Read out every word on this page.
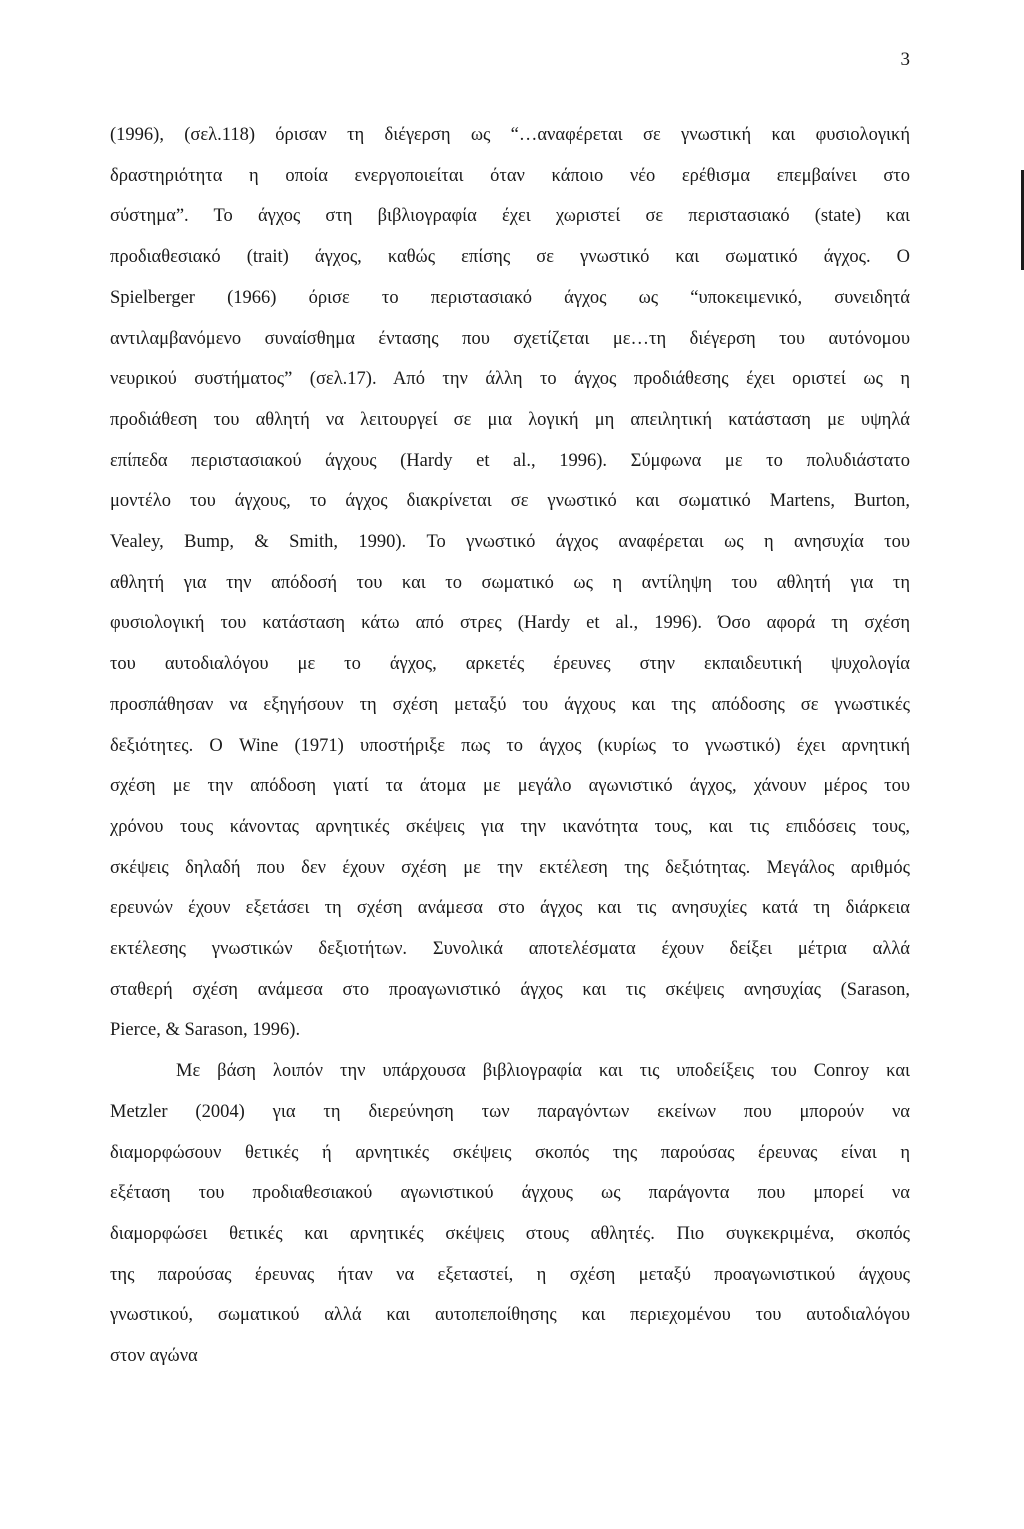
3

(1996), (σελ.118) όρισαν τη διέγερση ως “…αναφέρεται σε γνωστική και φυσιολογική
δραστηριότητα η οποία ενεργοποιείται όταν κάποιο νέο ερέθισμα επεμβαίνει στο
σύστημα”. Το άγχος στη βιβλιογραφία έχει χωριστεί σε περιστασιακό (state) και
προδιαθεσιακό (trait) άγχος, καθώς επίσης σε γνωστικό και σωματικό άγχος. Ο
Spielberger (1966) όρισε το περιστασιακό άγχος ως “υποκειμενικό, συνειδητά
αντιλαμβανόμενο συναίσθημα έντασης που σχετίζεται με…τη διέγερση του αυτόνομου
νευρικού συστήματος” (σελ.17). Από την άλλη το άγχος προδιάθεσης έχει οριστεί ως η
προδιάθεση του αθλητή να λειτουργεί σε μια λογική μη απειλητική κατάσταση με υψηλά
επίπεδα περιστασιακού άγχους (Hardy et al., 1996). Σύμφωνα με το πολυδιάστατο
μοντέλο του άγχους, το άγχος διακρίνεται σε γνωστικό και σωματικό Martens, Burton,
Vealey, Bump, & Smith, 1990). Το γνωστικό άγχος αναφέρεται ως η ανησυχία του
αθλητή για την απόδοσή του και το σωματικό ως η αντίληψη του αθλητή για τη
φυσιολογική του κατάσταση κάτω από στρες (Hardy et al., 1996). Όσο αφορά τη σχέση
του αυτοδιαλόγου με το άγχος, αρκετές έρευνες στην εκπαιδευτική ψυχολογία
προσπάθησαν να εξηγήσουν τη σχέση μεταξύ του άγχους και της απόδοσης σε γνωστικές
δεξιότητες. Ο Wine (1971) υποστήριξε πως το άγχος (κυρίως το γνωστικό) έχει αρνητική
σχέση με την απόδοση γιατί τα άτομα με μεγάλο αγωνιστικό άγχος, χάνουν μέρος του
χρόνου τους κάνοντας αρνητικές σκέψεις για την ικανότητα τους, και τις επιδόσεις τους,
σκέψεις δηλαδή που δεν έχουν σχέση με την εκτέλεση της δεξιότητας. Μεγάλος αριθμός
ερευνών έχουν εξετάσει τη σχέση ανάμεσα στο άγχος και τις ανησυχίες κατά τη διάρκεια
εκτέλεσης γνωστικών δεξιοτήτων. Συνολικά αποτελέσματα έχουν δείξει μέτρια αλλά
σταθερή σχέση ανάμεσα στο προαγωνιστικό άγχος και τις σκέψεις ανησυχίας (Sarason,
Pierce, & Sarason, 1996).

Με βάση λοιπόν την υπάρχουσα βιβλιογραφία και τις υποδείξεις του Conroy και
Metzler (2004) για τη διερεύνηση των παραγόντων εκείνων που μπορούν να
διαμορφώσουν θετικές ή αρνητικές σκέψεις σκοπός της παρούσας έρευνας είναι η
εξέταση του προδιαθεσιακού αγωνιστικού άγχους ως παράγοντα που μπορεί να
διαμορφώσει θετικές και αρνητικές σκέψεις στους αθλητές. Πιο συγκεκριμένα, σκοπός
της παρούσας έρευνας ήταν να εξεταστεί, η σχέση μεταξύ προαγωνιστικού άγχους
γνωστικού, σωματικού αλλά και αυτοπεποίθησης και περιεχομένου του αυτοδιαλόγου
στον αγώνα
